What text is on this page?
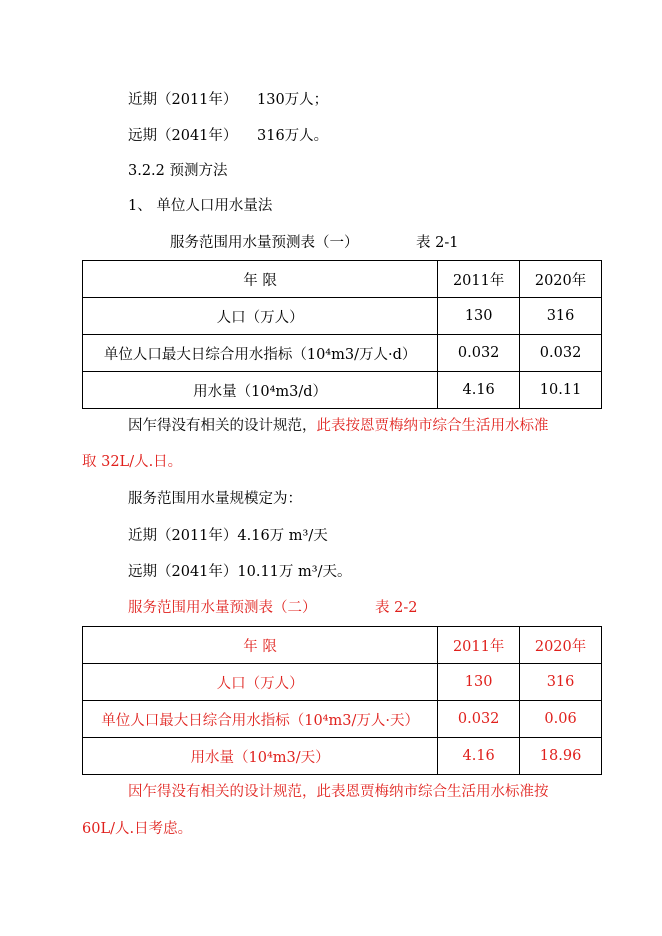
近期（2011年） 130万人；
远期（2041年） 316万人。
3.2.2 预测方法
1、 单位人口用水量法
服务范围用水量预测表（一）	表 2-1
年 限	2011年	2020年
人口（万人）	130	316
单位人口最大日综合用水指标（10⁴m3/万人·d）	0.032	0.032
用水量（10⁴m3/d）	4.16	10.11
因乍得没有相关的设计规范，此表按恩贾梅纳市综合生活用水标准
取 32L/人.日。
服务范围用水量规模定为：
近期（2011年）4.16万 m³/天
远期（2041年）10.11万 m³/天。
服务范围用水量预测表（二）	表 2-2
年 限	2011年	2020年
人口（万人）	130	316
单位人口最大日综合用水指标（10⁴m3/万人·天）	0.032	0.06
用水量（10⁴m3/天）	4.16	18.96
因乍得没有相关的设计规范，此表恩贾梅纳市综合生活用水标准按
60L/人.日考虑。
